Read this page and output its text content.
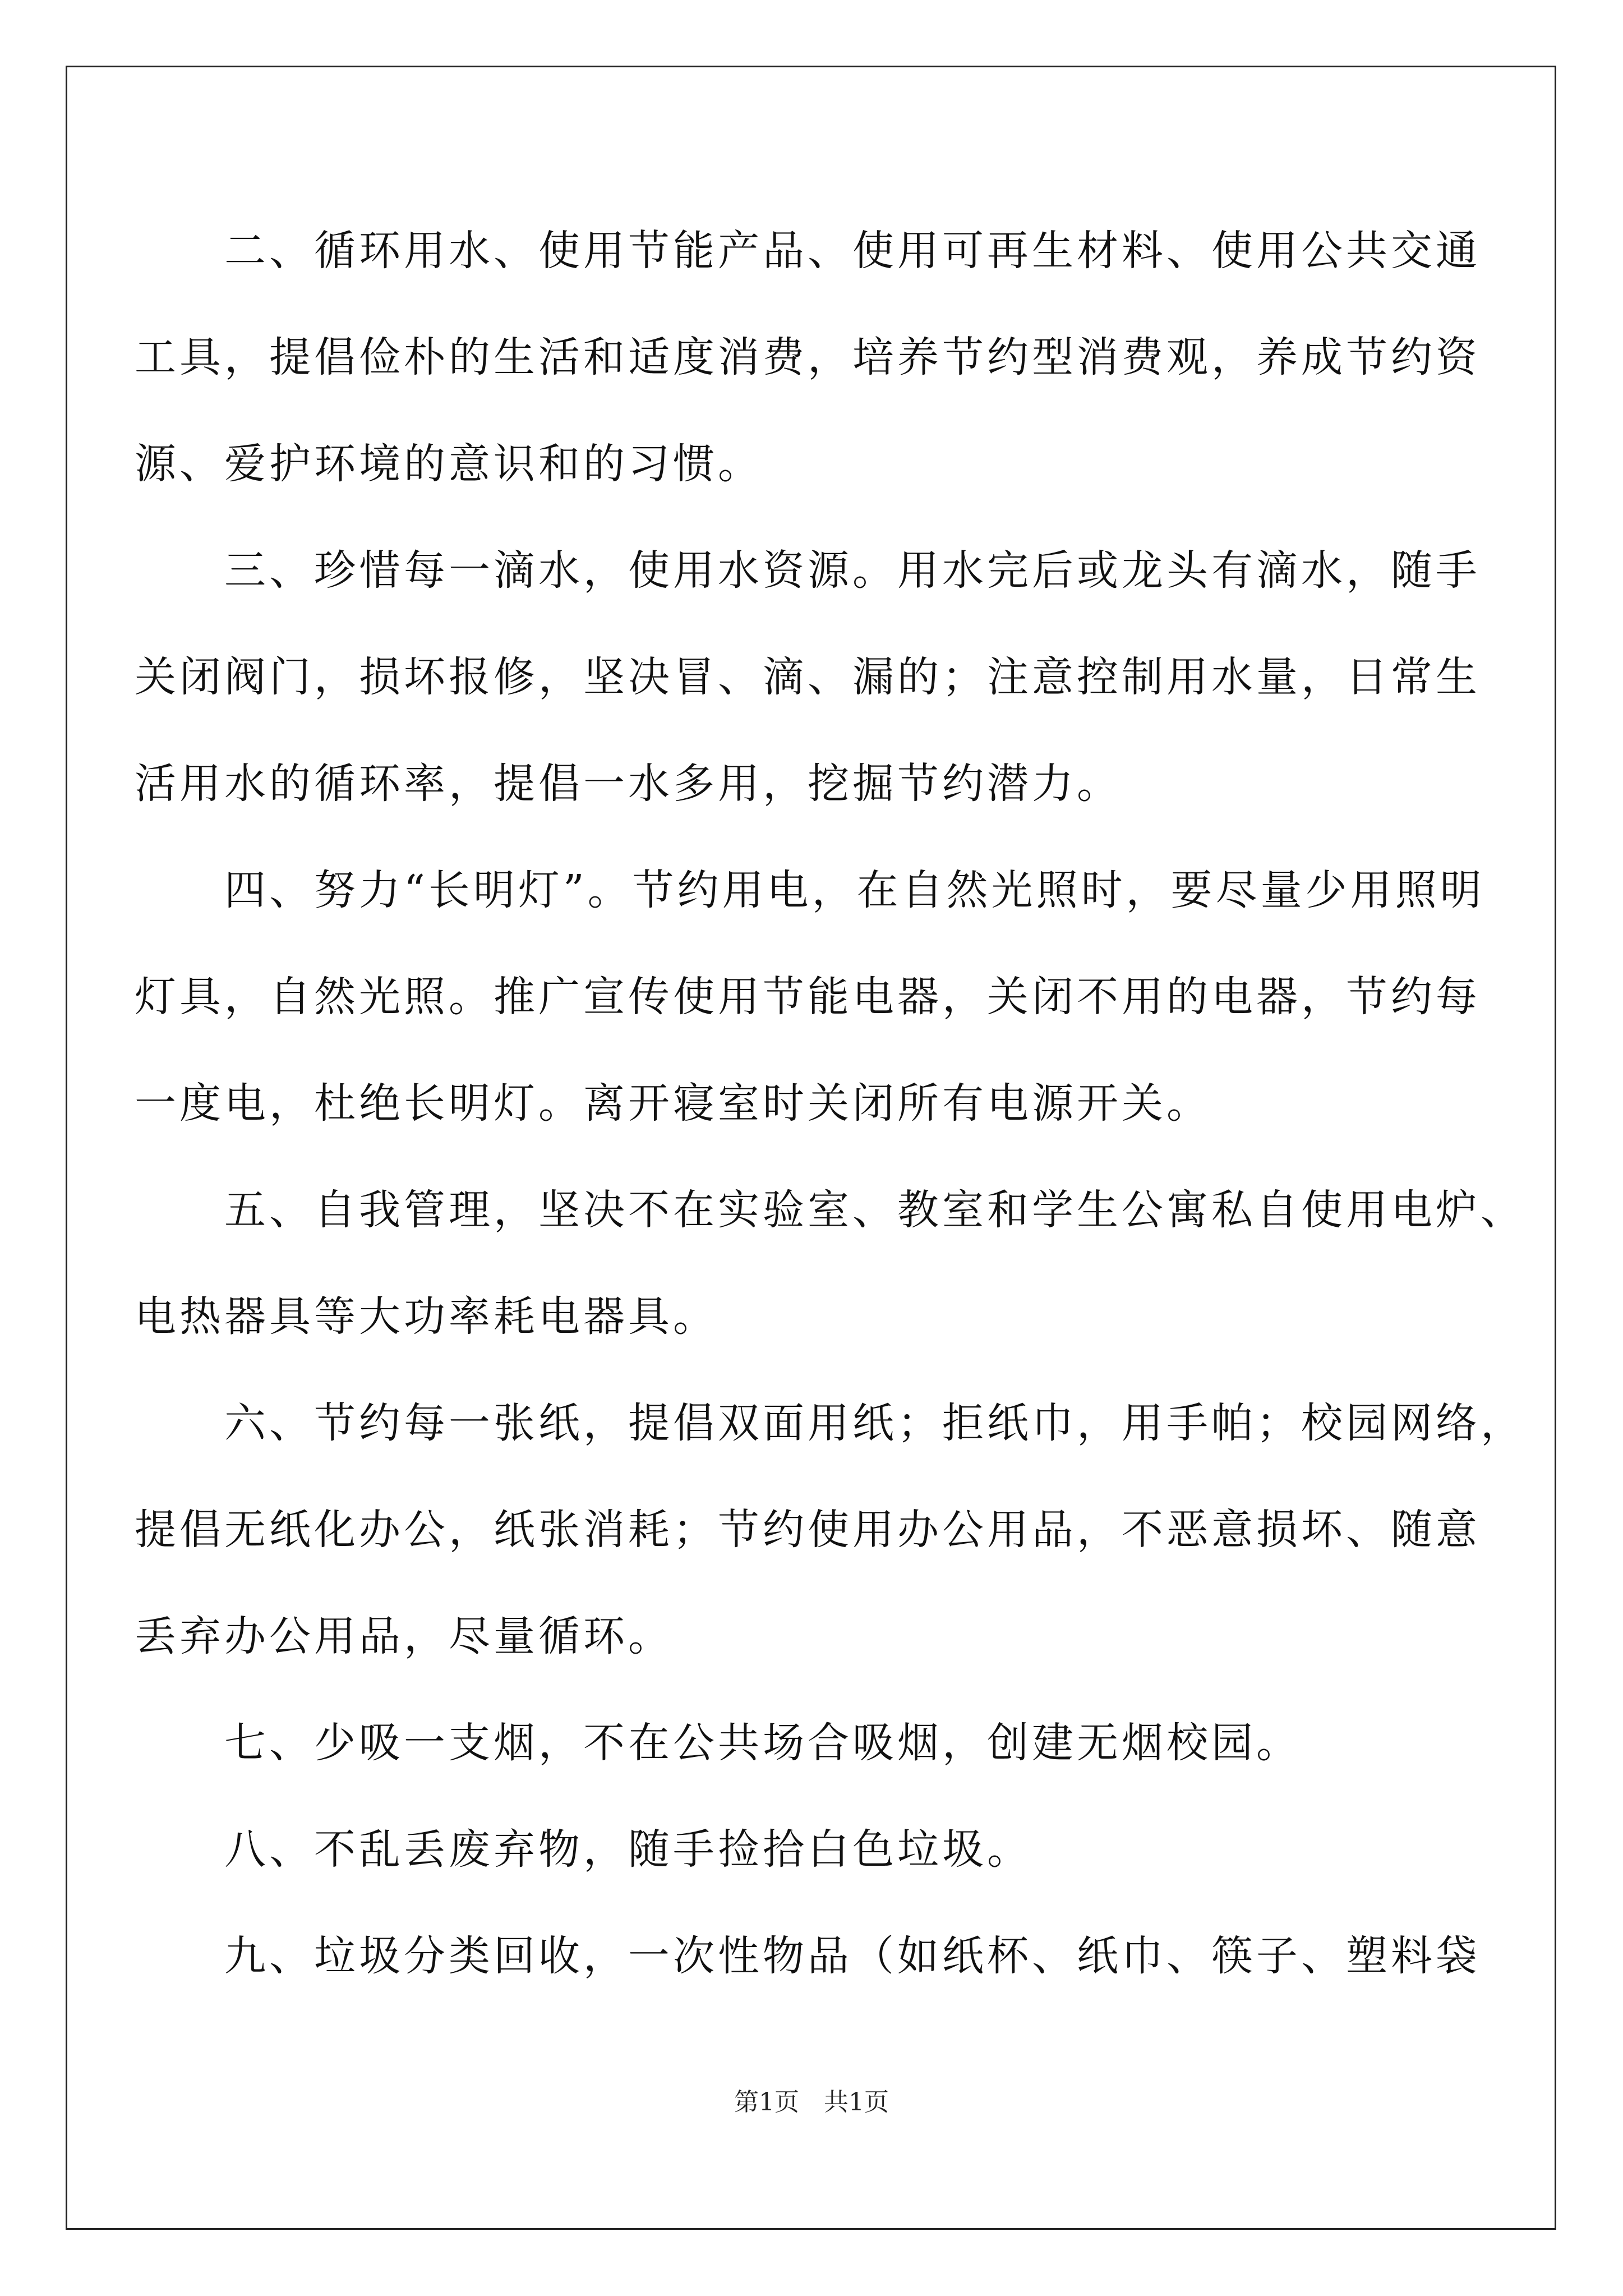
　　二、循环用水、使用节能产品、使用可再生材料、使用公共交通
工具，提倡俭朴的生活和适度消费，培养节约型消费观，养成节约资
源、爱护环境的意识和的习惯。
　　三、珍惜每一滴水，使用水资源。用水完后或龙头有滴水，随手
关闭阀门，损坏报修，坚决冒、滴、漏的；注意控制用水量，日常生
活用水的循环率，提倡一水多用，挖掘节约潜力。
　　四、努力“长明灯”。节约用电，在自然光照时，要尽量少用照明
灯具，自然光照。推广宣传使用节能电器，关闭不用的电器，节约每
一度电，杜绝长明灯。离开寝室时关闭所有电源开关。
　　五、自我管理，坚决不在实验室、教室和学生公寓私自使用电炉、
电热器具等大功率耗电器具。
　　六、节约每一张纸，提倡双面用纸；拒纸巾，用手帕；校园网络，
提倡无纸化办公，纸张消耗；节约使用办公用品，不恶意损坏、随意
丢弃办公用品，尽量循环。
　　七、少吸一支烟，不在公共场合吸烟，创建无烟校园。
　　八、不乱丢废弃物，随手捡拾白色垃圾。
　　九、垃圾分类回收，一次性物品（如纸杯、纸巾、筷子、塑料袋
第1页　共1页
